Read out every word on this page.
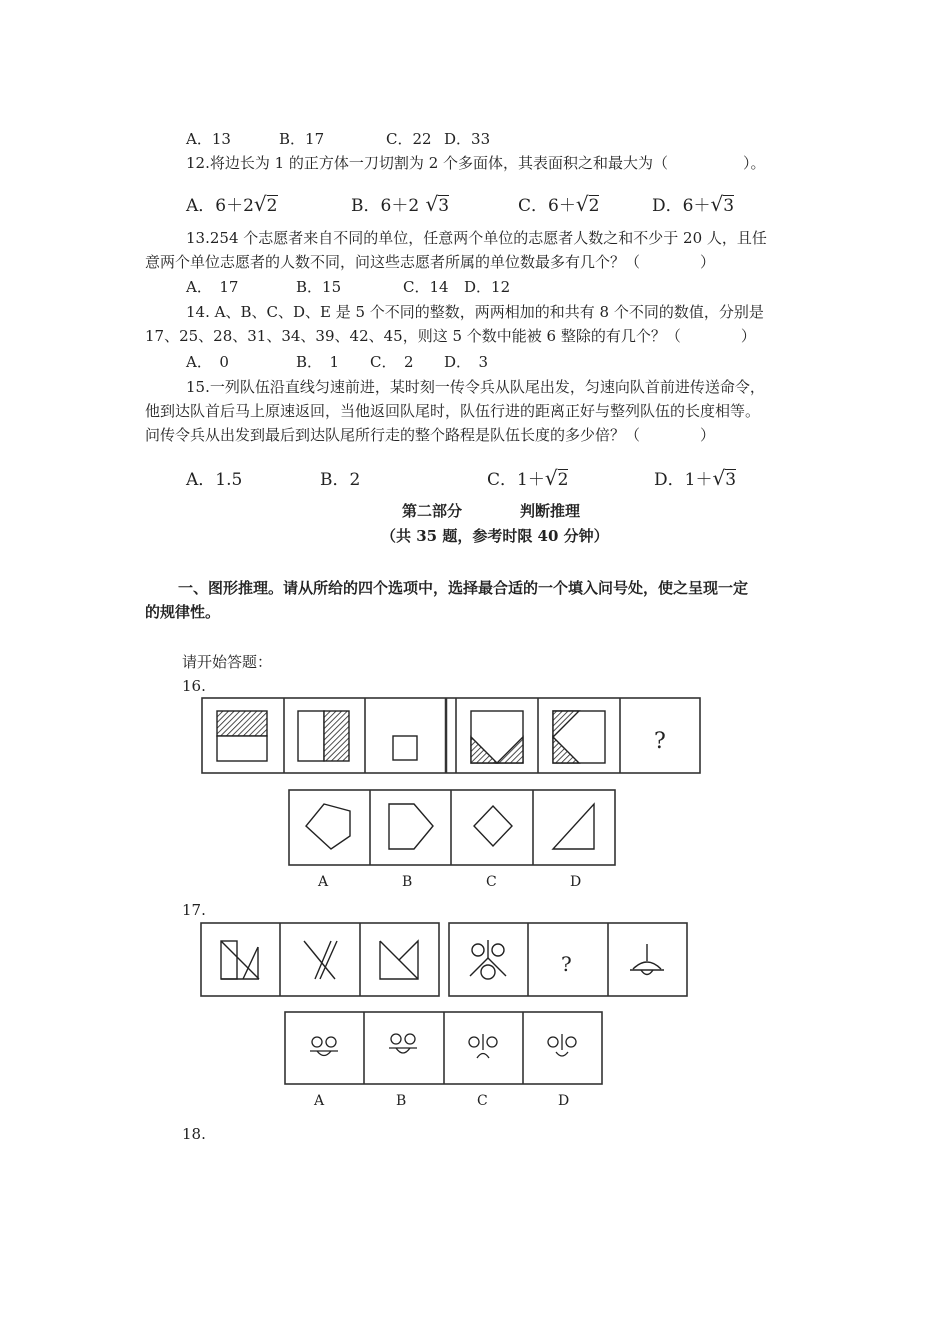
A．13	B．17	C．22 D．33
12.将边长为 1 的正方体一刀切割为 2 个多面体，其表面积之和最大为（　　　　　）。
A．6＋2√2	B．6＋2 √3	C．6＋√2	D．6＋√3
13.254 个志愿者来自不同的单位，任意两个单位的志愿者人数之和不少于 20 人，且任
意两个单位志愿者的人数不同，问这些志愿者所属的单位数最多有几个？（　　　　）
A．　17	B．15	C．14 D．12
14. A、B、C、D、E 是 5 个不同的整数，两两相加的和共有 8 个不同的数值，分别是
17、25、28、31、34、39、42、45，则这 5 个数中能被 6 整除的有几个？（　　　　）
A．　0	B．　1 C．　2 D．　3
15.一列队伍沿直线匀速前进，某时刻一传令兵从队尾出发，匀速向队首前进传送命令，
他到达队首后马上原速返回，当他返回队尾时，队伍行进的距离正好与整列队伍的长度相等。
问传令兵从出发到最后到达队尾所行走的整个路程是队伍长度的多少倍？（　　　　）
A．1.5	B．2	C．1＋√2	D．1＋√3
第二部分	判断推理
（共 35 题，参考时限 40 分钟）
一、图形推理。请从所给的四个选项中，选择最合适的一个填入问号处，使之呈现一定
的规律性。
请开始答题：
16.
?
A	B	C	D
?
A	B	C	D
17.
18.
